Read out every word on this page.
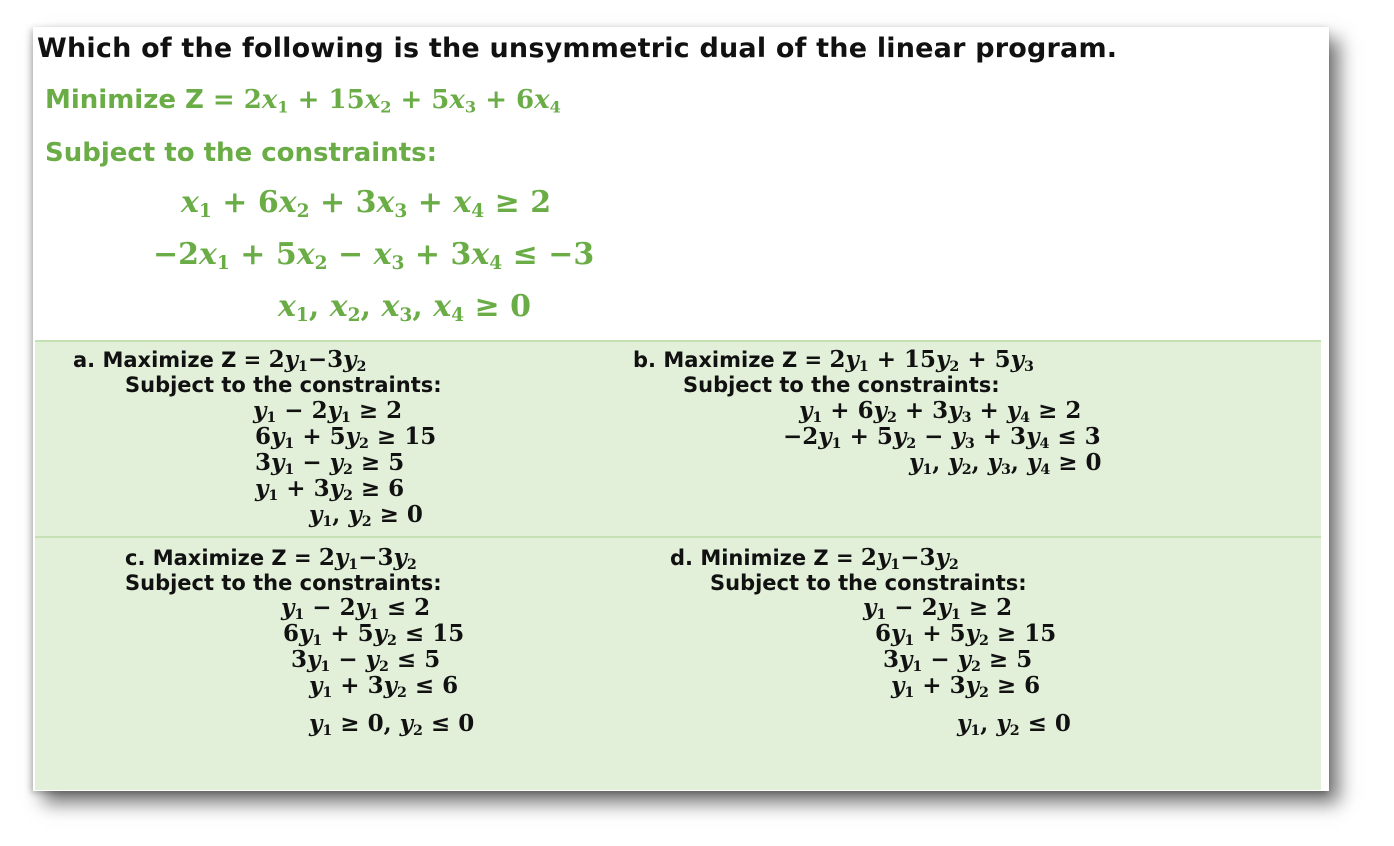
Which of the following is the unsymmetric dual of the linear program.
Minimize $Z = 2x_1 + 15x_2 + 5x_3 + 6x_4$
Subject to the constraints:
$x_1 + 6x_2 + 3x_3 + x_4 \ge 2$
$-2x_1 + 5x_2 - x_3 + 3x_4 \le -3$
$x_1$, $x_2$, $x_3$, $x_4 \ge 0$
a. Maximize $Z = 2y_1-3y_2$
Subject to the constraints:
$y_1 - 2y_1 \ge 2$
$6y_1 + 5y_2 \ge 15$
$3y_1 - y_2 \ge 5$
$y_1 + 3y_2 \ge 6$
$y_1$, $y_2 \ge 0$
b. Maximize $Z = 2y_1 + 15y_2 + 5y_3$
Subject to the constraints:
$y_1 + 6y_2 + 3y_3 + y_4 \ge 2$
$-2y_1 + 5y_2 - y_3 + 3y_4 \le 3$
$y_1$, $y_2$, $y_3$, $y_4 \ge 0$
c. Maximize $Z = 2y_1-3y_2$
Subject to the constraints:
$y_1 - 2y_1 \le 2$
$6y_1 + 5y_2 \le 15$
$3y_1 - y_2 \le 5$
$y_1 + 3y_2 \le 6$
$y_1 \ge 0$, $y_2 \le 0$
d. Minimize $Z = 2y_1-3y_2$
Subject to the constraints:
$y_1 - 2y_1 \ge 2$
$6y_1 + 5y_2 \ge 15$
$3y_1 - y_2 \ge 5$
$y_1 + 3y_2 \ge 6$
$y_1$, $y_2 \le 0$
